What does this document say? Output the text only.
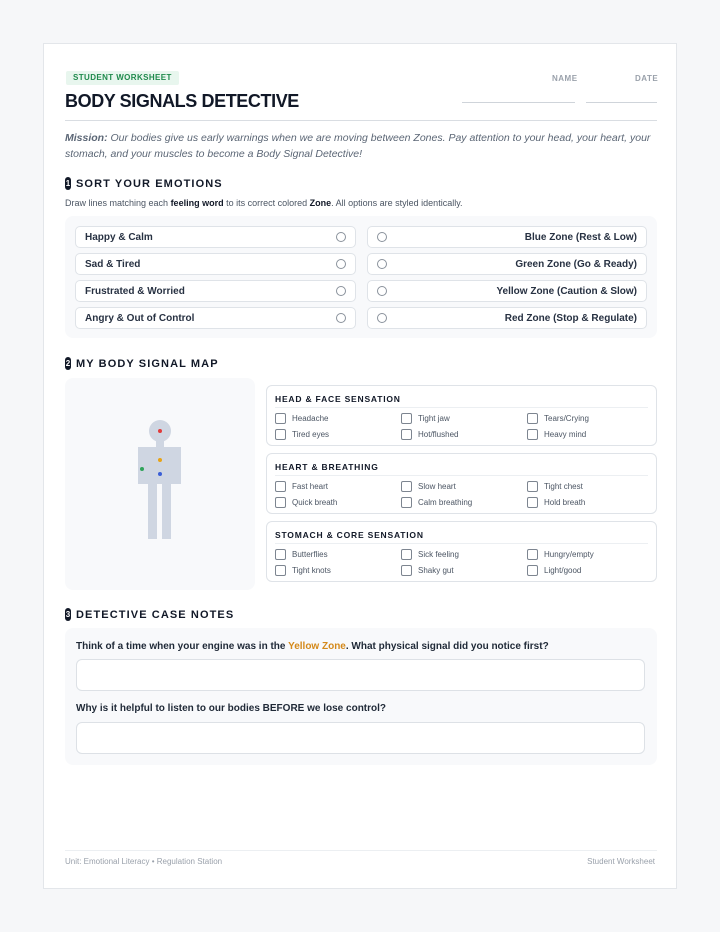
STUDENT WORKSHEET
BODY SIGNALS DETECTIVE
NAME	DATE
Mission: Our bodies give us early warnings when we are moving between Zones. Pay attention to your head, your heart, your stomach, and your muscles to become a Body Signal Detective!
1 SORT YOUR EMOTIONS
Draw lines matching each feeling word to its correct colored Zone. All options are styled identically.
Happy & Calm
Sad & Tired
Frustrated & Worried
Angry & Out of Control
Blue Zone (Rest & Low)
Green Zone (Go & Ready)
Yellow Zone (Caution & Slow)
Red Zone (Stop & Regulate)
2 MY BODY SIGNAL MAP
HEAD & FACE SENSATION
Headache	Tight jaw	Tears/Crying
Tired eyes	Hot/flushed	Heavy mind
HEART & BREATHING
Fast heart	Slow heart	Tight chest
Quick breath	Calm breathing	Hold breath
STOMACH & CORE SENSATION
Butterflies	Sick feeling	Hungry/empty
Tight knots	Shaky gut	Light/good
3 DETECTIVE CASE NOTES
Think of a time when your engine was in the Yellow Zone. What physical signal did you notice first?
Why is it helpful to listen to our bodies BEFORE we lose control?
Unit: Emotional Literacy • Regulation Station	Student Worksheet
